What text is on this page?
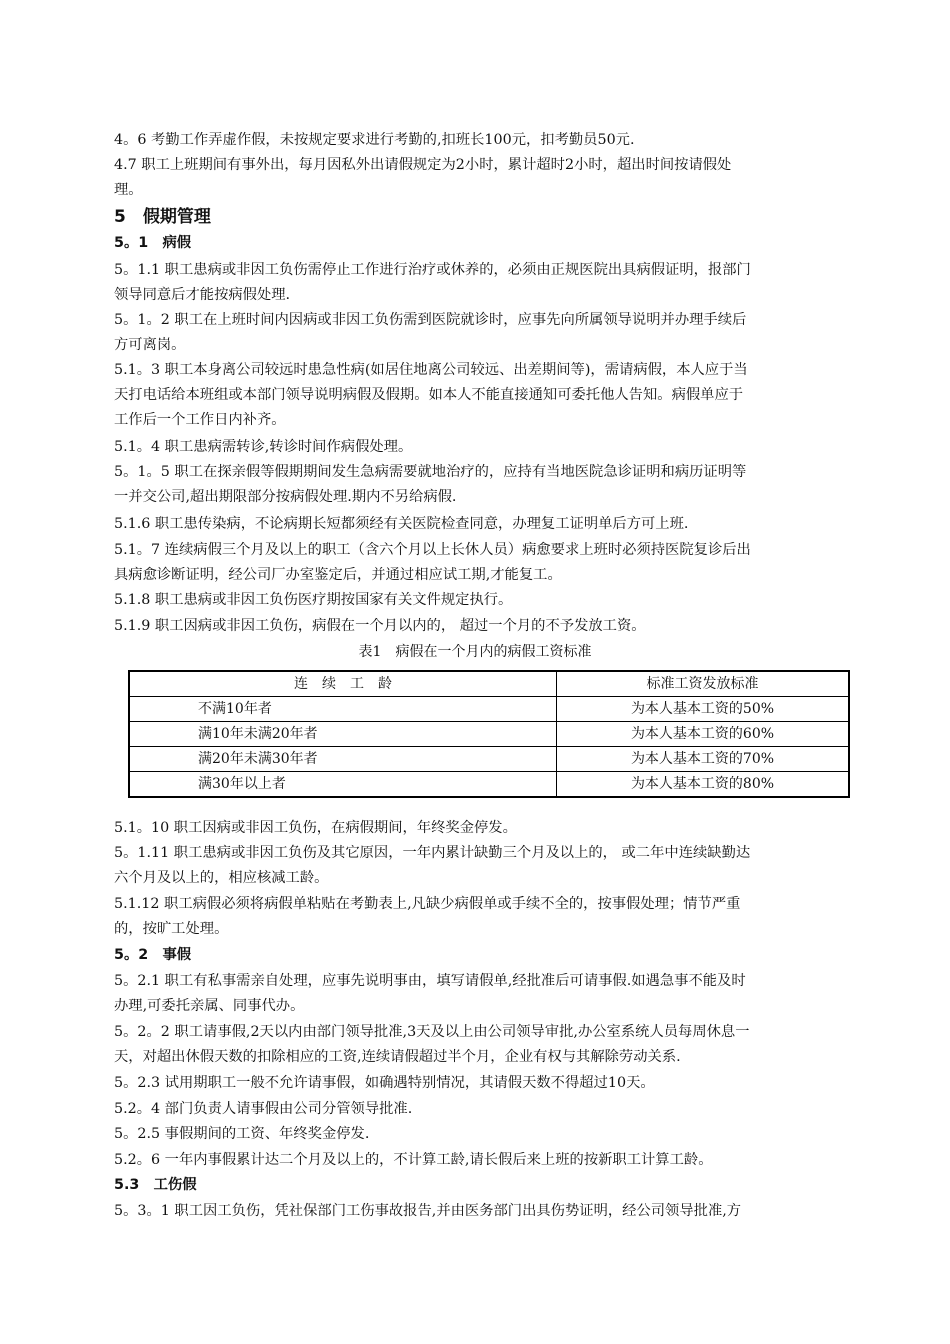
4。6 考勤工作弄虚作假，未按规定要求进行考勤的,扣班长100元，扣考勤员50元.
4.7 职工上班期间有事外出，每月因私外出请假规定为2小时，累计超时2小时，超出时间按请假处
理。
5　假期管理
5。1　病假
5。1.1 职工患病或非因工负伤需停止工作进行治疗或休养的，必须由正规医院出具病假证明，报部门
领导同意后才能按病假处理.
5。1。2 职工在上班时间内因病或非因工负伤需到医院就诊时，应事先向所属领导说明并办理手续后
方可离岗。
5.1。3 职工本身离公司较远时患急性病(如居住地离公司较远、出差期间等)，需请病假，本人应于当
天打电话给本班组或本部门领导说明病假及假期。如本人不能直接通知可委托他人告知。病假单应于
工作后一个工作日内补齐。
5.1。4 职工患病需转诊,转诊时间作病假处理。
5。1。5 职工在探亲假等假期期间发生急病需要就地治疗的，应持有当地医院急诊证明和病历证明等
一并交公司,超出期限部分按病假处理.期内不另给病假.
5.1.6 职工患传染病，不论病期长短都须经有关医院检查同意，办理复工证明单后方可上班.
5.1。7 连续病假三个月及以上的职工（含六个月以上长休人员）病愈要求上班时必须持医院复诊后出
具病愈诊断证明，经公司厂办室鉴定后，并通过相应试工期,才能复工。
5.1.8 职工患病或非因工负伤医疗期按国家有关文件规定执行。
5.1.9 职工因病或非因工负伤，病假在一个月以内的， 超过一个月的不予发放工资。
表1　病假在一个月内的病假工资标准
连　续　工　龄	标准工资发放标准
不满10年者	为本人基本工资的50%
满10年未满20年者	为本人基本工资的60%
满20年未满30年者	为本人基本工资的70%
满30年以上者	为本人基本工资的80%
5.1。10 职工因病或非因工负伤，在病假期间，年终奖金停发。
5。1.11 职工患病或非因工负伤及其它原因，一年内累计缺勤三个月及以上的， 或二年中连续缺勤达
六个月及以上的，相应核减工龄。
5.1.12 职工病假必须将病假单粘贴在考勤表上,凡缺少病假单或手续不全的，按事假处理；情节严重
的，按旷工处理。
5。2　事假
5。2.1 职工有私事需亲自处理，应事先说明事由，填写请假单,经批准后可请事假.如遇急事不能及时
办理,可委托亲属、同事代办。
5。2。2 职工请事假,2天以内由部门领导批准,3天及以上由公司领导审批,办公室系统人员每周休息一
天，对超出休假天数的扣除相应的工资,连续请假超过半个月，企业有权与其解除劳动关系.
5。2.3 试用期职工一般不允许请事假，如确遇特别情况，其请假天数不得超过10天。
5.2。4 部门负责人请事假由公司分管领导批准.
5。2.5 事假期间的工资、年终奖金停发.
5.2。6 一年内事假累计达二个月及以上的，不计算工龄,请长假后来上班的按新职工计算工龄。
5.3　工伤假
5。3。1 职工因工负伤，凭社保部门工伤事故报告,并由医务部门出具伤势证明，经公司领导批准,方
